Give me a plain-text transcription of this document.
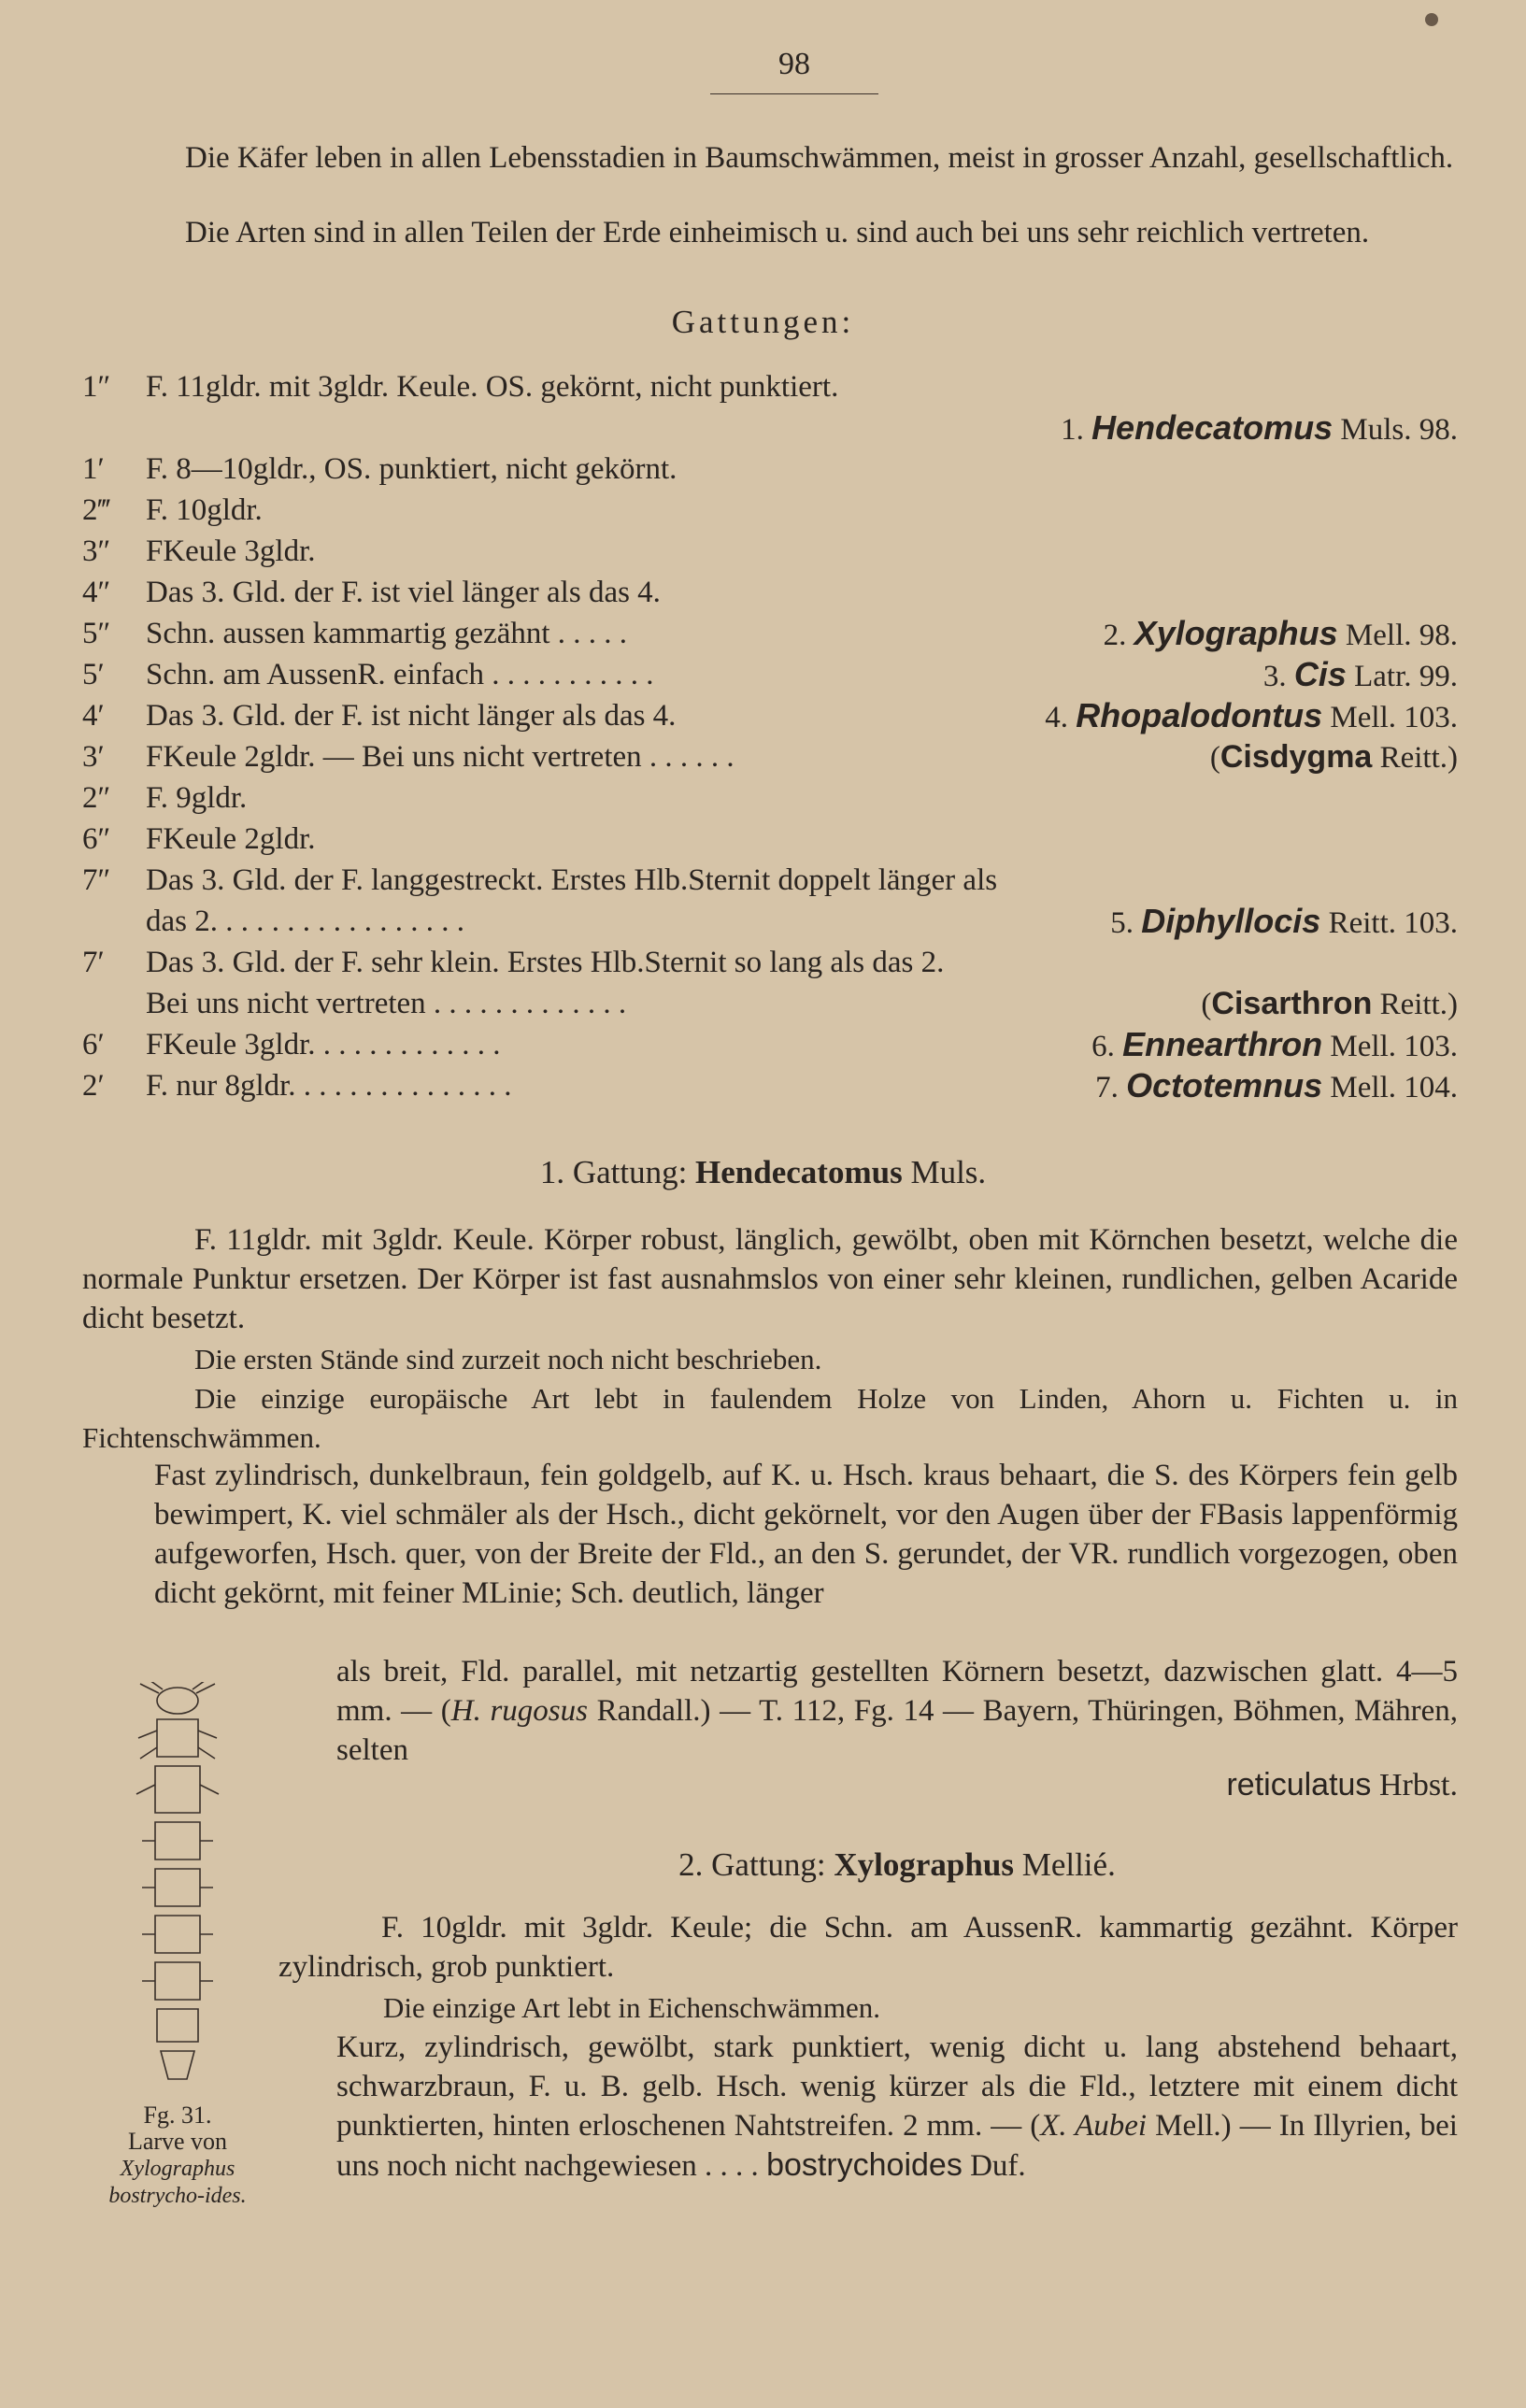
98

Die Käfer leben in allen Lebensstadien in Baumschwämmen, meist in grosser Anzahl, gesellschaftlich.

Die Arten sind in allen Teilen der Erde einheimisch u. sind auch bei uns sehr reichlich vertreten.

Gattungen:
1″	F. 11gldr. mit 3gldr. Keule. OS. gekörnt, nicht punktiert.
1. Hendecatomus Muls. 98.
1′	F. 8—10gldr., OS. punktiert, nicht gekörnt.
2‴	F. 10gldr.
3″	FKeule 3gldr.
4″	Das 3. Gld. der F. ist viel länger als das 4.
5″	Schn. aussen kammartig gezähnt . . . . .	2. Xylographus Mell. 98.
5′	Schn. am AussenR. einfach . . . . . . . . . . .	3. Cis Latr. 99.
4′	Das 3. Gld. der F. ist nicht länger als das 4.	4. Rhopalodontus Mell. 103.
3′	FKeule 2gldr. — Bei uns nicht vertreten . . . . . .	(Cisdygma Reitt.)
2″	F. 9gldr.
6″	FKeule 2gldr.
7″	Das 3. Gld. der F. langgestreckt. Erstes Hlb.Sternit doppelt länger als
das 2. . . . . . . . . . . . . . . . .	5. Diphyllocis Reitt. 103.
7′	Das 3. Gld. der F. sehr klein. Erstes Hlb.Sternit so lang als das 2.
Bei uns nicht vertreten . . . . . . . . . . . . .	(Cisarthron Reitt.)
6′	FKeule 3gldr. . . . . . . . . . . . .	6. Ennearthron Mell. 103.
2′	F. nur 8gldr. . . . . . . . . . . . . . .	7. Octotemnus Mell. 104.
1. Gattung: Hendecatomus Muls.

F. 11gldr. mit 3gldr. Keule. Körper robust, länglich, gewölbt, oben mit Körnchen besetzt, welche die normale Punktur ersetzen. Der Körper ist fast ausnahmslos von einer sehr kleinen, rundlichen, gelben Acaride dicht besetzt.

Die ersten Stände sind zurzeit noch nicht beschrieben.

Die einzige europäische Art lebt in faulendem Holze von Linden, Ahorn u. Fichten u. in Fichtenschwämmen.

Fast zylindrisch, dunkelbraun, fein goldgelb, auf K. u. Hsch. kraus behaart, die S. des Körpers fein gelb bewimpert, K. viel schmäler als der Hsch., dicht gekörnelt, vor den Augen über der FBasis lappenförmig aufgeworfen, Hsch. quer, von der Breite der Fld., an den S. gerundet, der VR. rundlich vorgezogen, oben dicht gekörnt, mit feiner MLinie; Sch. deutlich, länger

als breit, Fld. parallel, mit netzartig gestellten Körnern besetzt, dazwischen glatt. 4—5 mm. — (H. rugosus Randall.) — T. 112, Fg. 14 — Bayern, Thüringen, Böhmen, Mähren, selten

reticulatus Hrbst.
2. Gattung: Xylographus Mellié.

F. 10gldr. mit 3gldr. Keule; die Schn. am AussenR. kammartig gezähnt. Körper zylindrisch, grob punktiert.

Die einzige Art lebt in Eichenschwämmen.

Kurz, zylindrisch, gewölbt, stark punktiert, wenig dicht u. lang abstehend behaart, schwarzbraun, F. u. B. gelb. Hsch. wenig kürzer als die Fld., letztere mit einem dicht punktierten, hinten erloschenen Nahtstreifen. 2 mm. — (X. Aubei Mell.) — In Illyrien, bei uns noch nicht nachgewiesen . . . . bostrychoides Duf.

Fg. 31.
Larve von
Xylographus bostrycho-ides.
